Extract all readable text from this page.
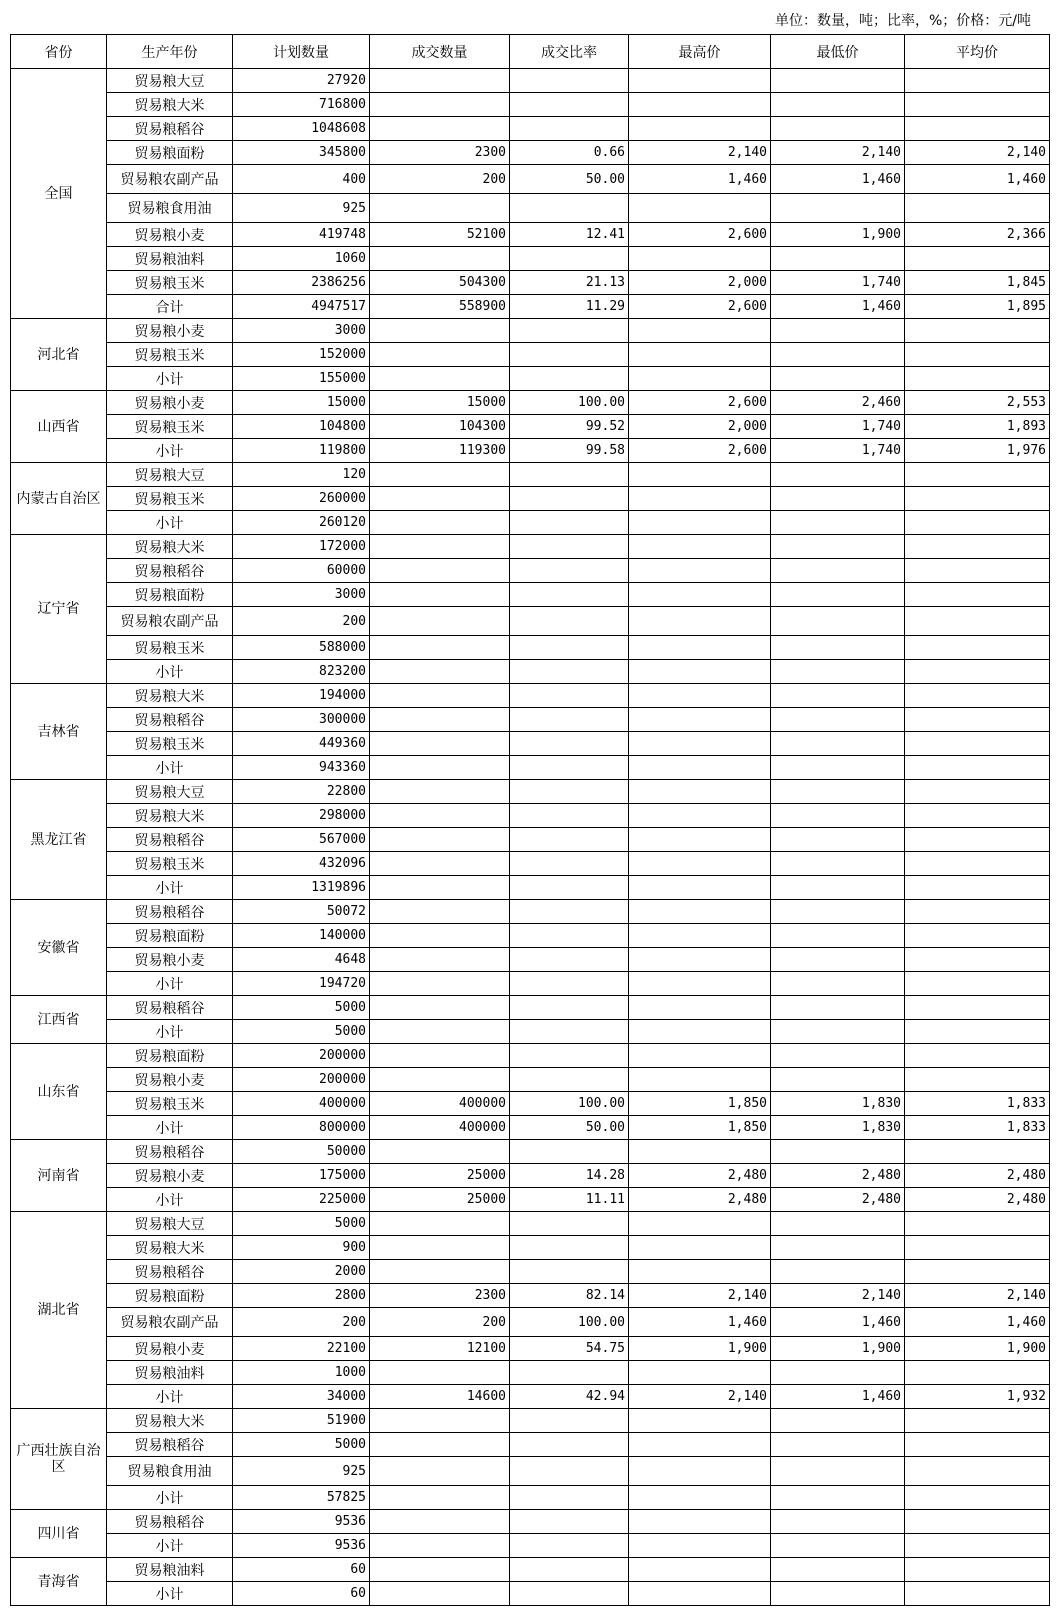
单位：数量，吨；比率，%；价格：元/吨
省份	生产年份	计划数量	成交数量	成交比率	最高价	最低价	平均价
全国	贸易粮大豆	27920					
	贸易粮大米	716800					
	贸易粮稻谷	1048608					
	贸易粮面粉	345800	2300	0.66	2,140	2,140	2,140
	贸易粮农副产品	400	200	50.00	1,460	1,460	1,460
	贸易粮食用油	925					
	贸易粮小麦	419748	52100	12.41	2,600	1,900	2,366
	贸易粮油料	1060					
	贸易粮玉米	2386256	504300	21.13	2,000	1,740	1,845
	合计	4947517	558900	11.29	2,600	1,460	1,895
河北省	贸易粮小麦	3000					
	贸易粮玉米	152000					
	小计	155000					
山西省	贸易粮小麦	15000	15000	100.00	2,600	2,460	2,553
	贸易粮玉米	104800	104300	99.52	2,000	1,740	1,893
	小计	119800	119300	99.58	2,600	1,740	1,976
内蒙古自治区	贸易粮大豆	120					
	贸易粮玉米	260000					
	小计	260120					
辽宁省	贸易粮大米	172000					
	贸易粮稻谷	60000					
	贸易粮面粉	3000					
	贸易粮农副产品	200					
	贸易粮玉米	588000					
	小计	823200					
吉林省	贸易粮大米	194000					
	贸易粮稻谷	300000					
	贸易粮玉米	449360					
	小计	943360					
黑龙江省	贸易粮大豆	22800					
	贸易粮大米	298000					
	贸易粮稻谷	567000					
	贸易粮玉米	432096					
	小计	1319896					
安徽省	贸易粮稻谷	50072					
	贸易粮面粉	140000					
	贸易粮小麦	4648					
	小计	194720					
江西省	贸易粮稻谷	5000					
	小计	5000					
山东省	贸易粮面粉	200000					
	贸易粮小麦	200000					
	贸易粮玉米	400000	400000	100.00	1,850	1,830	1,833
	小计	800000	400000	50.00	1,850	1,830	1,833
河南省	贸易粮稻谷	50000					
	贸易粮小麦	175000	25000	14.28	2,480	2,480	2,480
	小计	225000	25000	11.11	2,480	2,480	2,480
湖北省	贸易粮大豆	5000					
	贸易粮大米	900					
	贸易粮稻谷	2000					
	贸易粮面粉	2800	2300	82.14	2,140	2,140	2,140
	贸易粮农副产品	200	200	100.00	1,460	1,460	1,460
	贸易粮小麦	22100	12100	54.75	1,900	1,900	1,900
	贸易粮油料	1000					
	小计	34000	14600	42.94	2,140	1,460	1,932
广西壮族自治区	贸易粮大米	51900					
	贸易粮稻谷	5000					
	贸易粮食用油	925					
	小计	57825					
四川省	贸易粮稻谷	9536					
	小计	9536					
青海省	贸易粮油料	60					
	小计	60					
